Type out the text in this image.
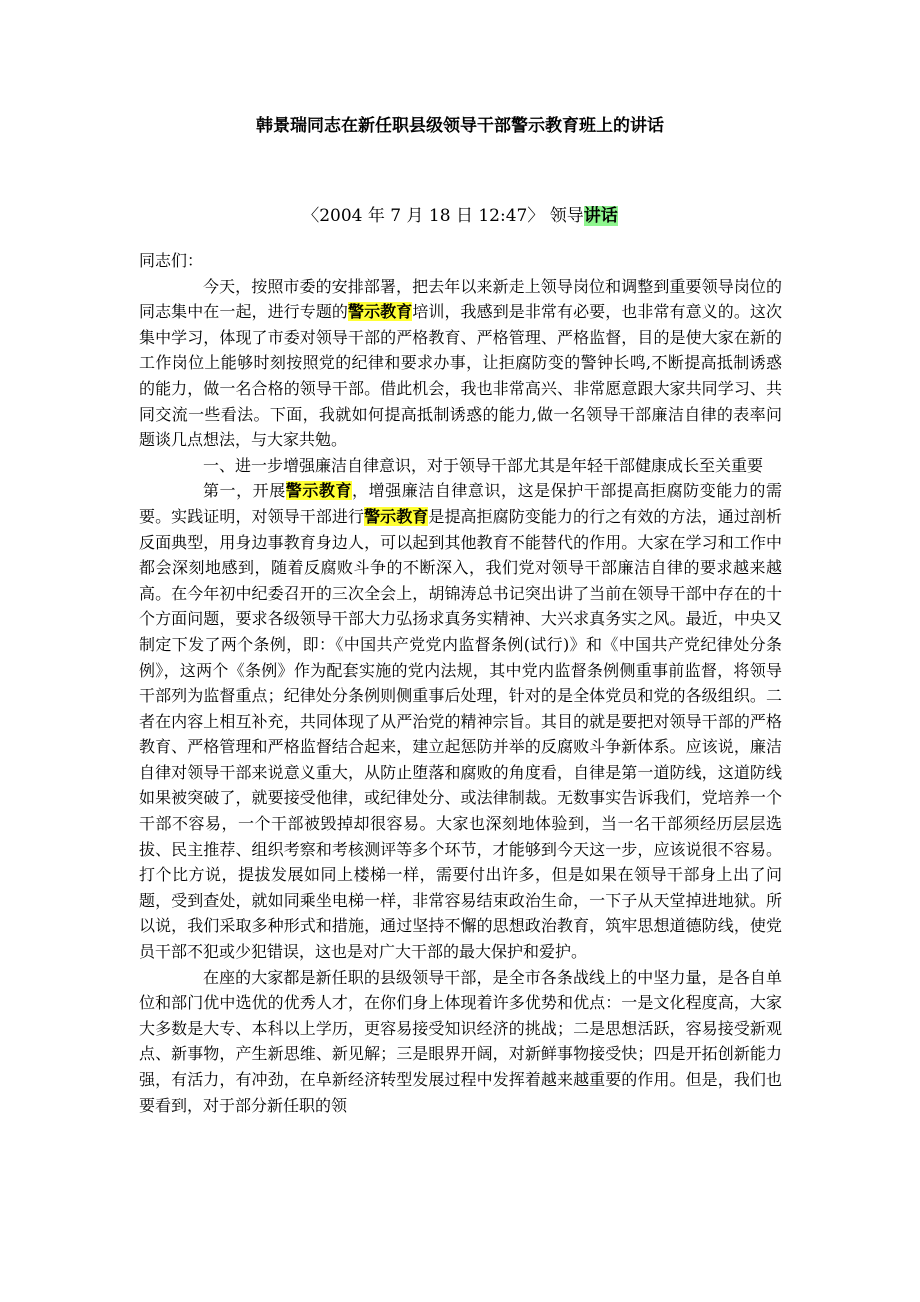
韩景瑞同志在新任职县级领导干部警示教育班上的讲话
〈2004 年 7 月 18 日 12:47〉 领导讲话

同志们：

今天，按照市委的安排部署，把去年以来新走上领导岗位和调整到重要领导岗位的同志集中在一起，进行专题的警示教育培训，我感到是非常有必要，也非常有意义的。这次集中学习，体现了市委对领导干部的严格教育、严格管理、严格监督，目的是使大家在新的工作岗位上能够时刻按照党的纪律和要求办事，让拒腐防变的警钟长鸣,不断提高抵制诱惑的能力，做一名合格的领导干部。借此机会，我也非常高兴、非常愿意跟大家共同学习、共同交流一些看法。下面，我就如何提高抵制诱惑的能力,做一名领导干部廉洁自律的表率问题谈几点想法，与大家共勉。

一、进一步增强廉洁自律意识，对于领导干部尤其是年轻干部健康成长至关重要

第一，开展警示教育，增强廉洁自律意识，这是保护干部提高拒腐防变能力的需要。实践证明，对领导干部进行警示教育是提高拒腐防变能力的行之有效的方法，通过剖析反面典型，用身边事教育身边人，可以起到其他教育不能替代的作用。大家在学习和工作中都会深刻地感到，随着反腐败斗争的不断深入，我们党对领导干部廉洁自律的要求越来越高。在今年初中纪委召开的三次全会上，胡锦涛总书记突出讲了当前在领导干部中存在的十个方面问题，要求各级领导干部大力弘扬求真务实精神、大兴求真务实之风。最近，中央又制定下发了两个条例，即：《中国共产党党内监督条例(试行)》和《中国共产党纪律处分条例》，这两个《条例》作为配套实施的党内法规，其中党内监督条例侧重事前监督，将领导干部列为监督重点；纪律处分条例则侧重事后处理，针对的是全体党员和党的各级组织。二者在内容上相互补充，共同体现了从严治党的精神宗旨。其目的就是要把对领导干部的严格教育、严格管理和严格监督结合起来，建立起惩防并举的反腐败斗争新体系。应该说，廉洁自律对领导干部来说意义重大，从防止堕落和腐败的角度看，自律是第一道防线，这道防线如果被突破了，就要接受他律，或纪律处分、或法律制裁。无数事实告诉我们，党培养一个干部不容易，一个干部被毁掉却很容易。大家也深刻地体验到，当一名干部须经历层层选拔、民主推荐、组织考察和考核测评等多个环节，才能够到今天这一步，应该说很不容易。打个比方说，提拔发展如同上楼梯一样，需要付出许多，但是如果在领导干部身上出了问题，受到查处，就如同乘坐电梯一样，非常容易结束政治生命，一下子从天堂掉进地狱。所以说，我们采取多种形式和措施，通过坚持不懈的思想政治教育，筑牢思想道德防线，使党员干部不犯或少犯错误，这也是对广大干部的最大保护和爱护。

在座的大家都是新任职的县级领导干部，是全市各条战线上的中坚力量，是各自单位和部门优中选优的优秀人才，在你们身上体现着许多优势和优点：一是文化程度高，大家大多数是大专、本科以上学历，更容易接受知识经济的挑战；二是思想活跃，容易接受新观点、新事物，产生新思维、新见解；三是眼界开阔，对新鲜事物接受快；四是开拓创新能力强，有活力，有冲劲，在阜新经济转型发展过程中发挥着越来越重要的作用。但是，我们也要看到，对于部分新任职的领
